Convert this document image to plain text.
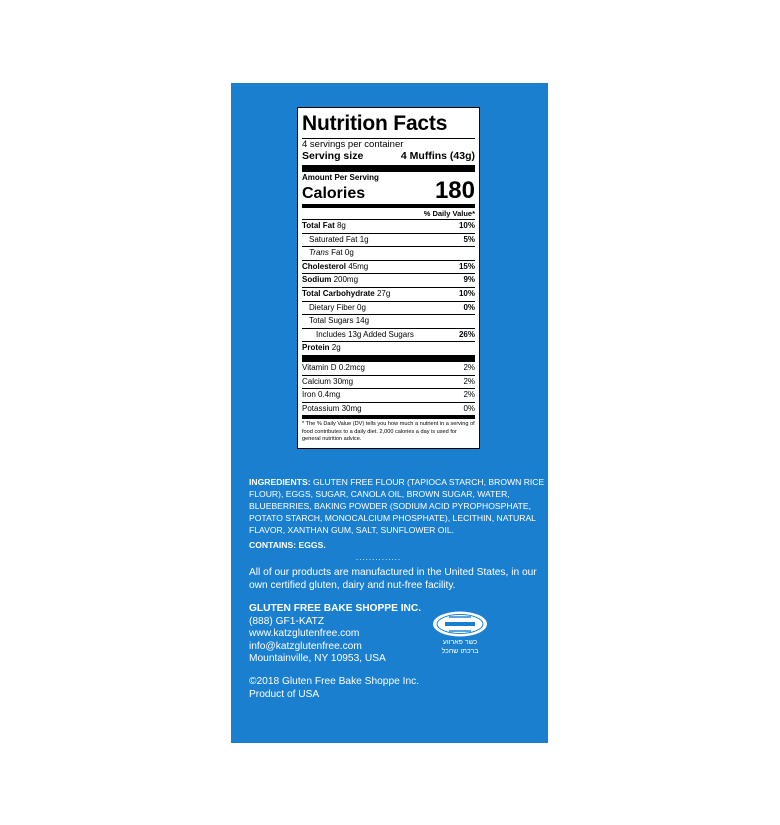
Nutrition Facts
4 servings per container
Serving size	4 Muffins (43g)
Amount Per Serving
Calories	180
% Daily Value*
Total Fat 8g	10%
Saturated Fat 1g	5%
Trans Fat 0g
Cholesterol 45mg	15%
Sodium 200mg	9%
Total Carbohydrate 27g	10%
Dietary Fiber 0g	0%
Total Sugars 14g
Includes 13g Added Sugars	26%
Protein 2g
Vitamin D 0.2mcg	2%
Calcium 30mg	2%
Iron 0.4mg	2%
Potassium 30mg	0%
* The % Daily Value (DV) tells you how much a nutrient in a serving of food contributes to a daily diet. 2,000 calories a day is used for general nutrition advice.
INGREDIENTS: GLUTEN FREE FLOUR (TAPIOCA STARCH, BROWN RICE FLOUR), EGGS, SUGAR, CANOLA OIL, BROWN SUGAR, WATER, BLUEBERRIES, BAKING POWDER (SODIUM ACID PYROPHOSPHATE, POTATO STARCH, MONOCALCIUM PHOSPHATE), LECITHIN, NATURAL FLAVOR, XANTHAN GUM, SALT, SUNFLOWER OIL.
CONTAINS: EGGS.
..............
All of our products are manufactured in the United States, in our own certified gluten, dairy and nut-free facility.
GLUTEN FREE BAKE SHOPPE INC.
(888) GF1-KATZ
www.katzglutenfree.com
info@katzglutenfree.com
Mountainville, NY 10953, USA
כשר פארווע
ברכתו שהכל
©2018 Gluten Free Bake Shoppe Inc.
Product of USA
